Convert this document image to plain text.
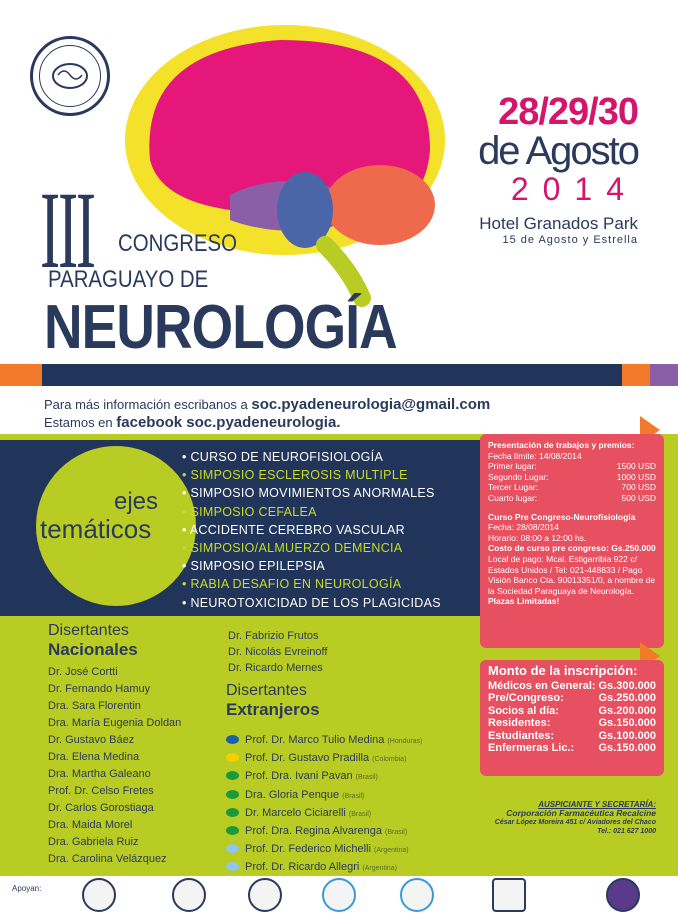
28/29/30
de Agosto
2014
Hotel Granados Park
15 de Agosto y Estrella
III CONGRESO
PARAGUAYO DE
NEUROLOGÍA
Para más información escribanos a soc.pyadeneurologia@gmail.com
Estamos en facebook soc.pyadeneurologia.
ejes
temáticos
• CURSO DE NEUROFISIOLOGÍA
• SIMPOSIO ESCLEROSIS MULTIPLE
• SIMPOSIO MOVIMIENTOS ANORMALES
• SIMPOSIO CEFALEA
• ACCIDENTE CEREBRO VASCULAR
• SIMPOSIO/ALMUERZO DEMENCIA
• SIMPOSIO EPILEPSIA
• RABIA DESAFIO EN NEUROLOGÍA
• NEUROTOXICIDAD DE LOS PLAGICIDAS
Presentación de trabajos y premios:
Fecha límite: 14/08/2014
Primer lugar:	1500 USD
Segundo Lugar:	1000 USD
Tercer Lugar:	700 USD
Cuarto lugar:	500 USD
Curso Pre Congreso-Neurofisiología
Fecha: 28/08/2014
Horario: 08:00 a 12:00 hs.
Costo de curso pre congreso: Gs.250.000
Local de pago: Mcal. Estigarribia 922 c/ Estados Unidos / Tel: 021-448833 / Pago Visión Banco Cta. 90013351/0, a nombre de la Sociedad Paraguaya de Neurología.
Plazas Limitadas!
Monto de la inscripción:
Médicos en General: Gs.300.000
Pre/Congreso:	Gs.250.000
Socios al día:	Gs.200.000
Residentes:	Gs.150.000
Estudiantes:	Gs.100.000
Enfermeras Lic.: Gs.150.000
Disertantes
Nacionales
Dr. José Cortti
Dr. Fernando Hamuy
Dra. Sara Florentin
Dra. María Eugenia Doldan
Dr. Gustavo Báez
Dra. Elena Medina
Dra. Martha Galeano
Prof. Dr. Celso Fretes
Dr. Carlos Gorostiaga
Dra. Maida Morel
Dra. Gabriela Ruiz
Dra. Carolina Velázquez
Dr. Fabrizio Frutos
Dr. Nicolás Evreinoff
Dr. Ricardo Mernes
Disertantes
Extranjeros
Prof. Dr. Marco Tulio Medina (Honduras)
Prof. Dr. Gustavo Pradilla (Colombia)
Prof. Dra. Ivani Pavan (Brasil)
Dra. Gloria Penque (Brasil)
Dr. Marcelo Ciciarelli (Brasil)
Prof. Dra. Regina Alvarenga (Brasil)
Prof. Dr. Federico Michelli (Argentina)
Prof. Dr. Ricardo Allegri (Argentina)
AUSPICIANTE Y SECRETARÍA:
Corporación Farmacéutica Recalcine
César López Moreira 451 c/ Aviadores del Chaco
Tel.: 021 627 1000
Apoyan:
